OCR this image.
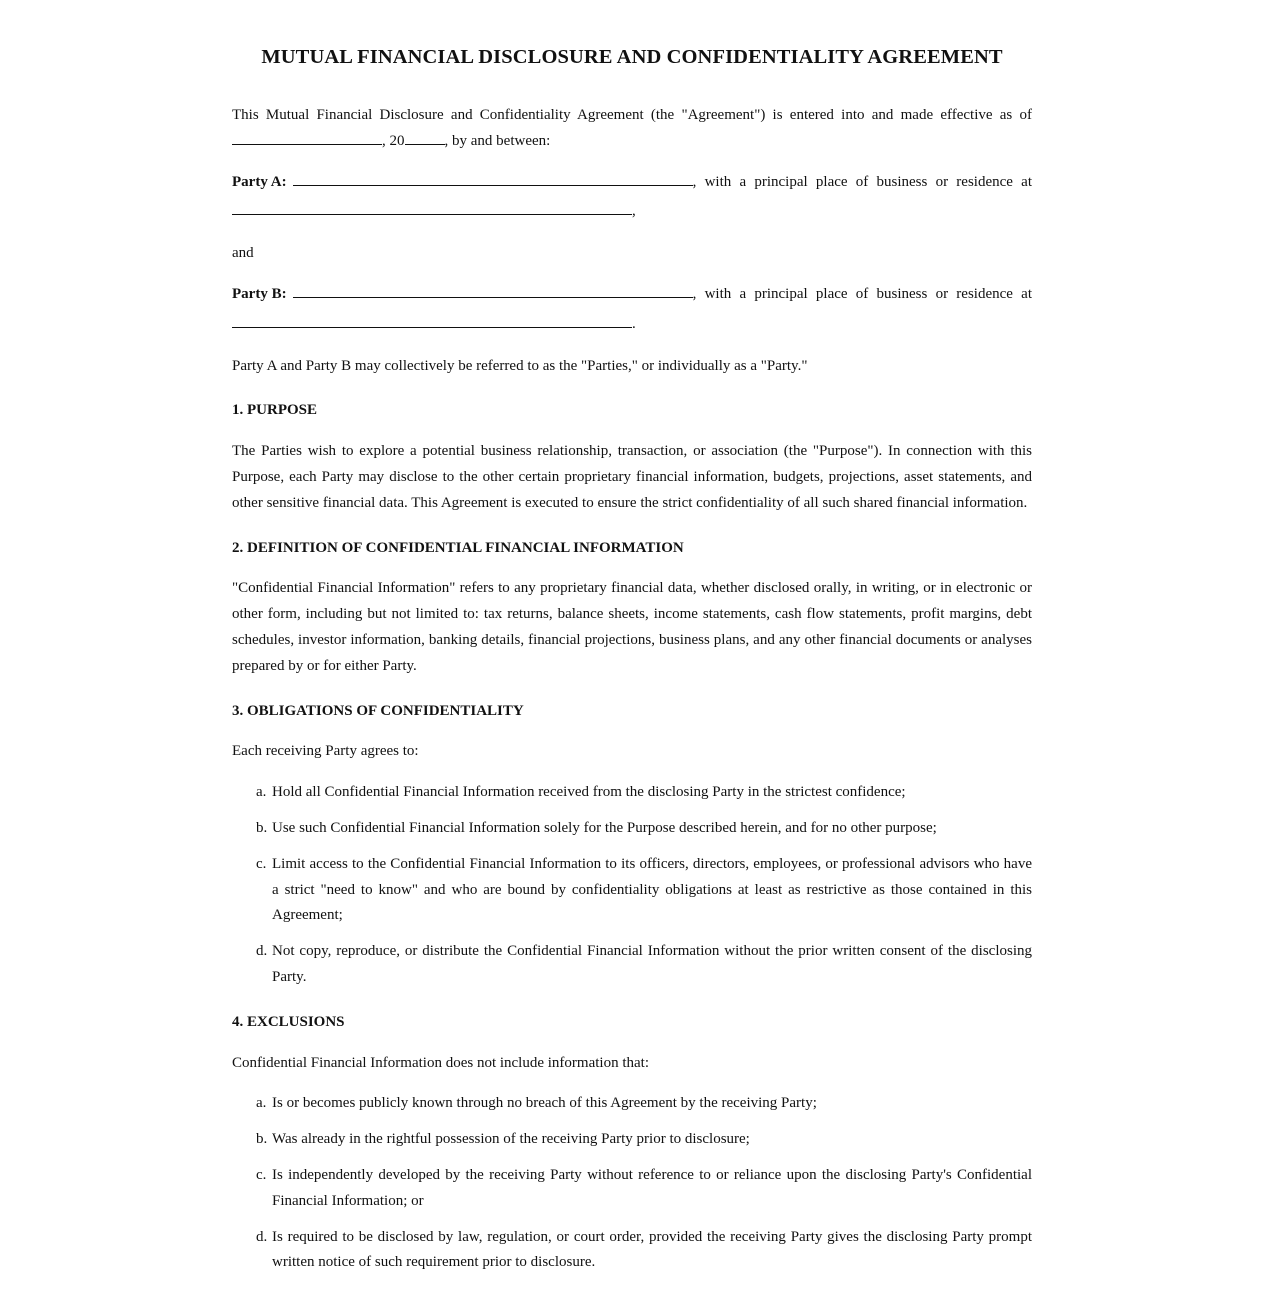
MUTUAL FINANCIAL DISCLOSURE AND CONFIDENTIALITY AGREEMENT

This Mutual Financial Disclosure and Confidentiality Agreement (the "Agreement") is entered into and made effective as of

, 20	, by and between:
Party A:	, with a principal place of business or residence at
,

and

Party B:	, with a principal place of business or residence at
.

Party A and Party B may collectively be referred to as the "Parties," or individually as a "Party."

1. PURPOSE

The Parties wish to explore a potential business relationship, transaction, or association (the "Purpose"). In connection with this Purpose, each Party may disclose to the other certain proprietary financial information, budgets, projections, asset statements, and other sensitive financial data. This Agreement is executed to ensure the strict confidentiality of all such shared financial information.

2. DEFINITION OF CONFIDENTIAL FINANCIAL INFORMATION

"Confidential Financial Information" refers to any proprietary financial data, whether disclosed orally, in writing, or in electronic or other form, including but not limited to: tax returns, balance sheets, income statements, cash flow statements, profit margins, debt schedules, investor information, banking details, financial projections, business plans, and any other financial documents or analyses prepared by or for either Party.

3. OBLIGATIONS OF CONFIDENTIALITY

Each receiving Party agrees to:

a. Hold all Confidential Financial Information received from the disclosing Party in the strictest confidence;
b. Use such Confidential Financial Information solely for the Purpose described herein, and for no other purpose;
c. Limit access to the Confidential Financial Information to its officers, directors, employees, or professional advisors who have a strict "need to know" and who are bound by confidentiality obligations at least as restrictive as those contained in this Agreement;
d. Not copy, reproduce, or distribute the Confidential Financial Information without the prior written consent of the disclosing Party.
4. EXCLUSIONS

Confidential Financial Information does not include information that:

a. Is or becomes publicly known through no breach of this Agreement by the receiving Party;
b. Was already in the rightful possession of the receiving Party prior to disclosure;
c. Is independently developed by the receiving Party without reference to or reliance upon the disclosing Party's Confidential Financial Information; or
d. Is required to be disclosed by law, regulation, or court order, provided the receiving Party gives the disclosing Party prompt written notice of such requirement prior to disclosure.
